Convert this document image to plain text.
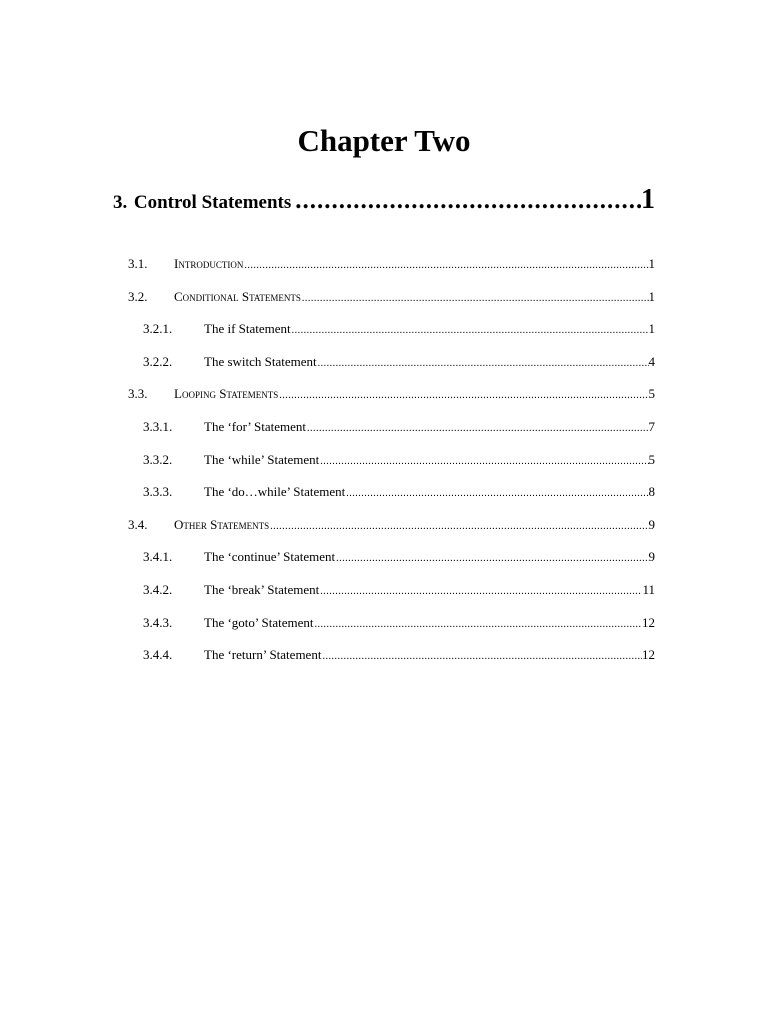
Chapter Two
3. Control Statements .....	1
3.1.	Introduction .....	1
3.2.	Conditional Statements .....	1
3.2.1.	The if Statement .....	1
3.2.2.	The switch Statement .....	4
3.3.	Looping Statements .....	5
3.3.1.	The ‘for’ Statement .....	7
3.3.2.	The ‘while’ Statement .....	5
3.3.3.	The ‘do…while’ Statement .....	8
3.4.	Other Statements .....	9
3.4.1.	The ‘continue’ Statement .....	9
3.4.2.	The ‘break’ Statement .....	11
3.4.3.	The ‘goto’ Statement .....	12
3.4.4.	The ‘return’ Statement .....	12
